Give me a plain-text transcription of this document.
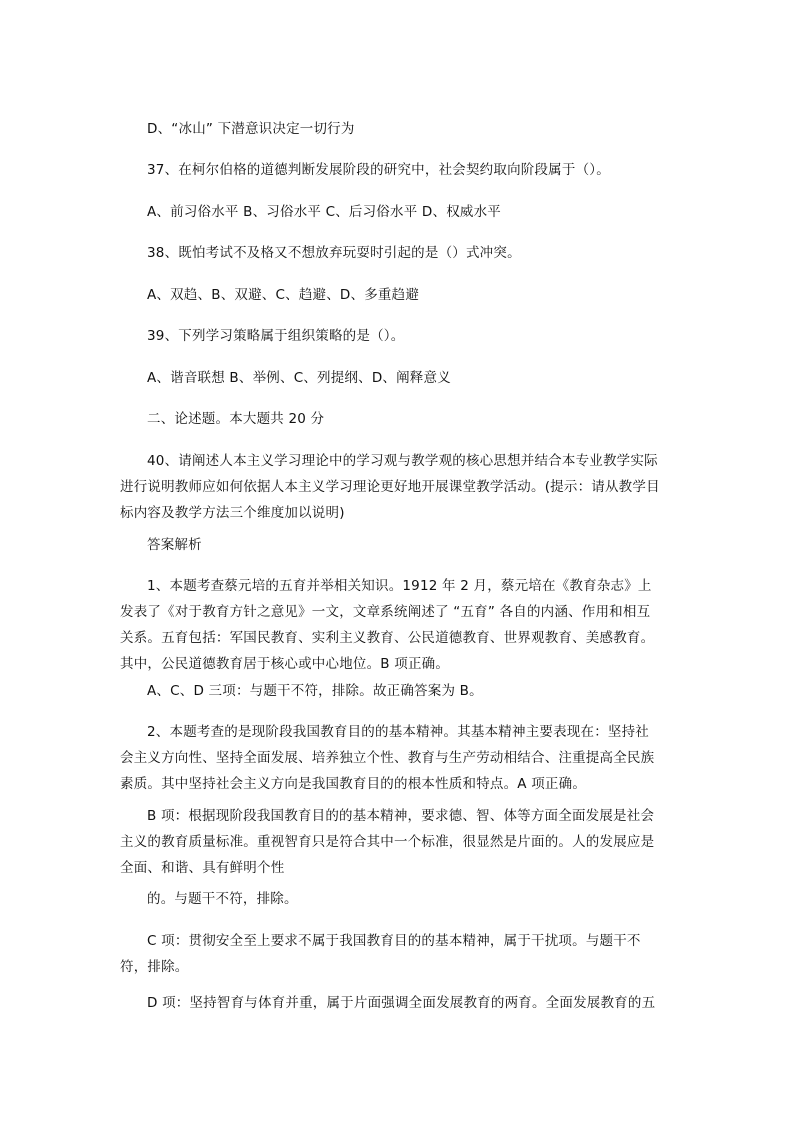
D、“冰山” 下潜意识决定一切行为

37、在柯尔伯格的道德判断发展阶段的研究中，社会契约取向阶段属于（）。

A、前习俗水平 B、习俗水平 C、后习俗水平 D、权威水平

38、既怕考试不及格又不想放弃玩耍时引起的是（）式冲突。

A、双趋、B、双避、C、趋避、D、多重趋避

39、下列学习策略属于组织策略的是（）。

A、谐音联想 B、举例、C、列提纲、D、阐释意义

二、论述题。本大题共 20 分

40、请阐述人本主义学习理论中的学习观与教学观的核心思想并结合本专业教学实际进行说明教师应如何依据人本主义学习理论更好地开展课堂教学活动。(提示：请从教学目标内容及教学方法三个维度加以说明)

答案解析

1、本题考查蔡元培的五育并举相关知识。1912 年 2 月，蔡元培在《教育杂志》上发表了《对于教育方针之意见》一文，文章系统阐述了 “五育” 各自的内涵、作用和相互关系。五育包括：军国民教育、实利主义教育、公民道德教育、世界观教育、美感教育。其中，公民道德教育居于核心或中心地位。B 项正确。

A、C、D 三项：与题干不符，排除。故正确答案为 B。

2、本题考查的是现阶段我国教育目的的基本精神。其基本精神主要表现在：坚持社会主义方向性、坚持全面发展、培养独立个性、教育与生产劳动相结合、注重提高全民族素质。其中坚持社会主义方向是我国教育目的的根本性质和特点。A 项正确。

B 项：根据现阶段我国教育目的的基本精神，要求德、智、体等方面全面发展是社会主义的教育质量标准。重视智育只是符合其中一个标准，很显然是片面的。人的发展应是全面、和谐、具有鲜明个性

的。与题干不符，排除。

C 项：贯彻安全至上要求不属于我国教育目的的基本精神，属于干扰项。与题干不符，排除。

D 项：坚持智育与体育并重，属于片面强调全面发展教育的两育。全面发展教育的五
